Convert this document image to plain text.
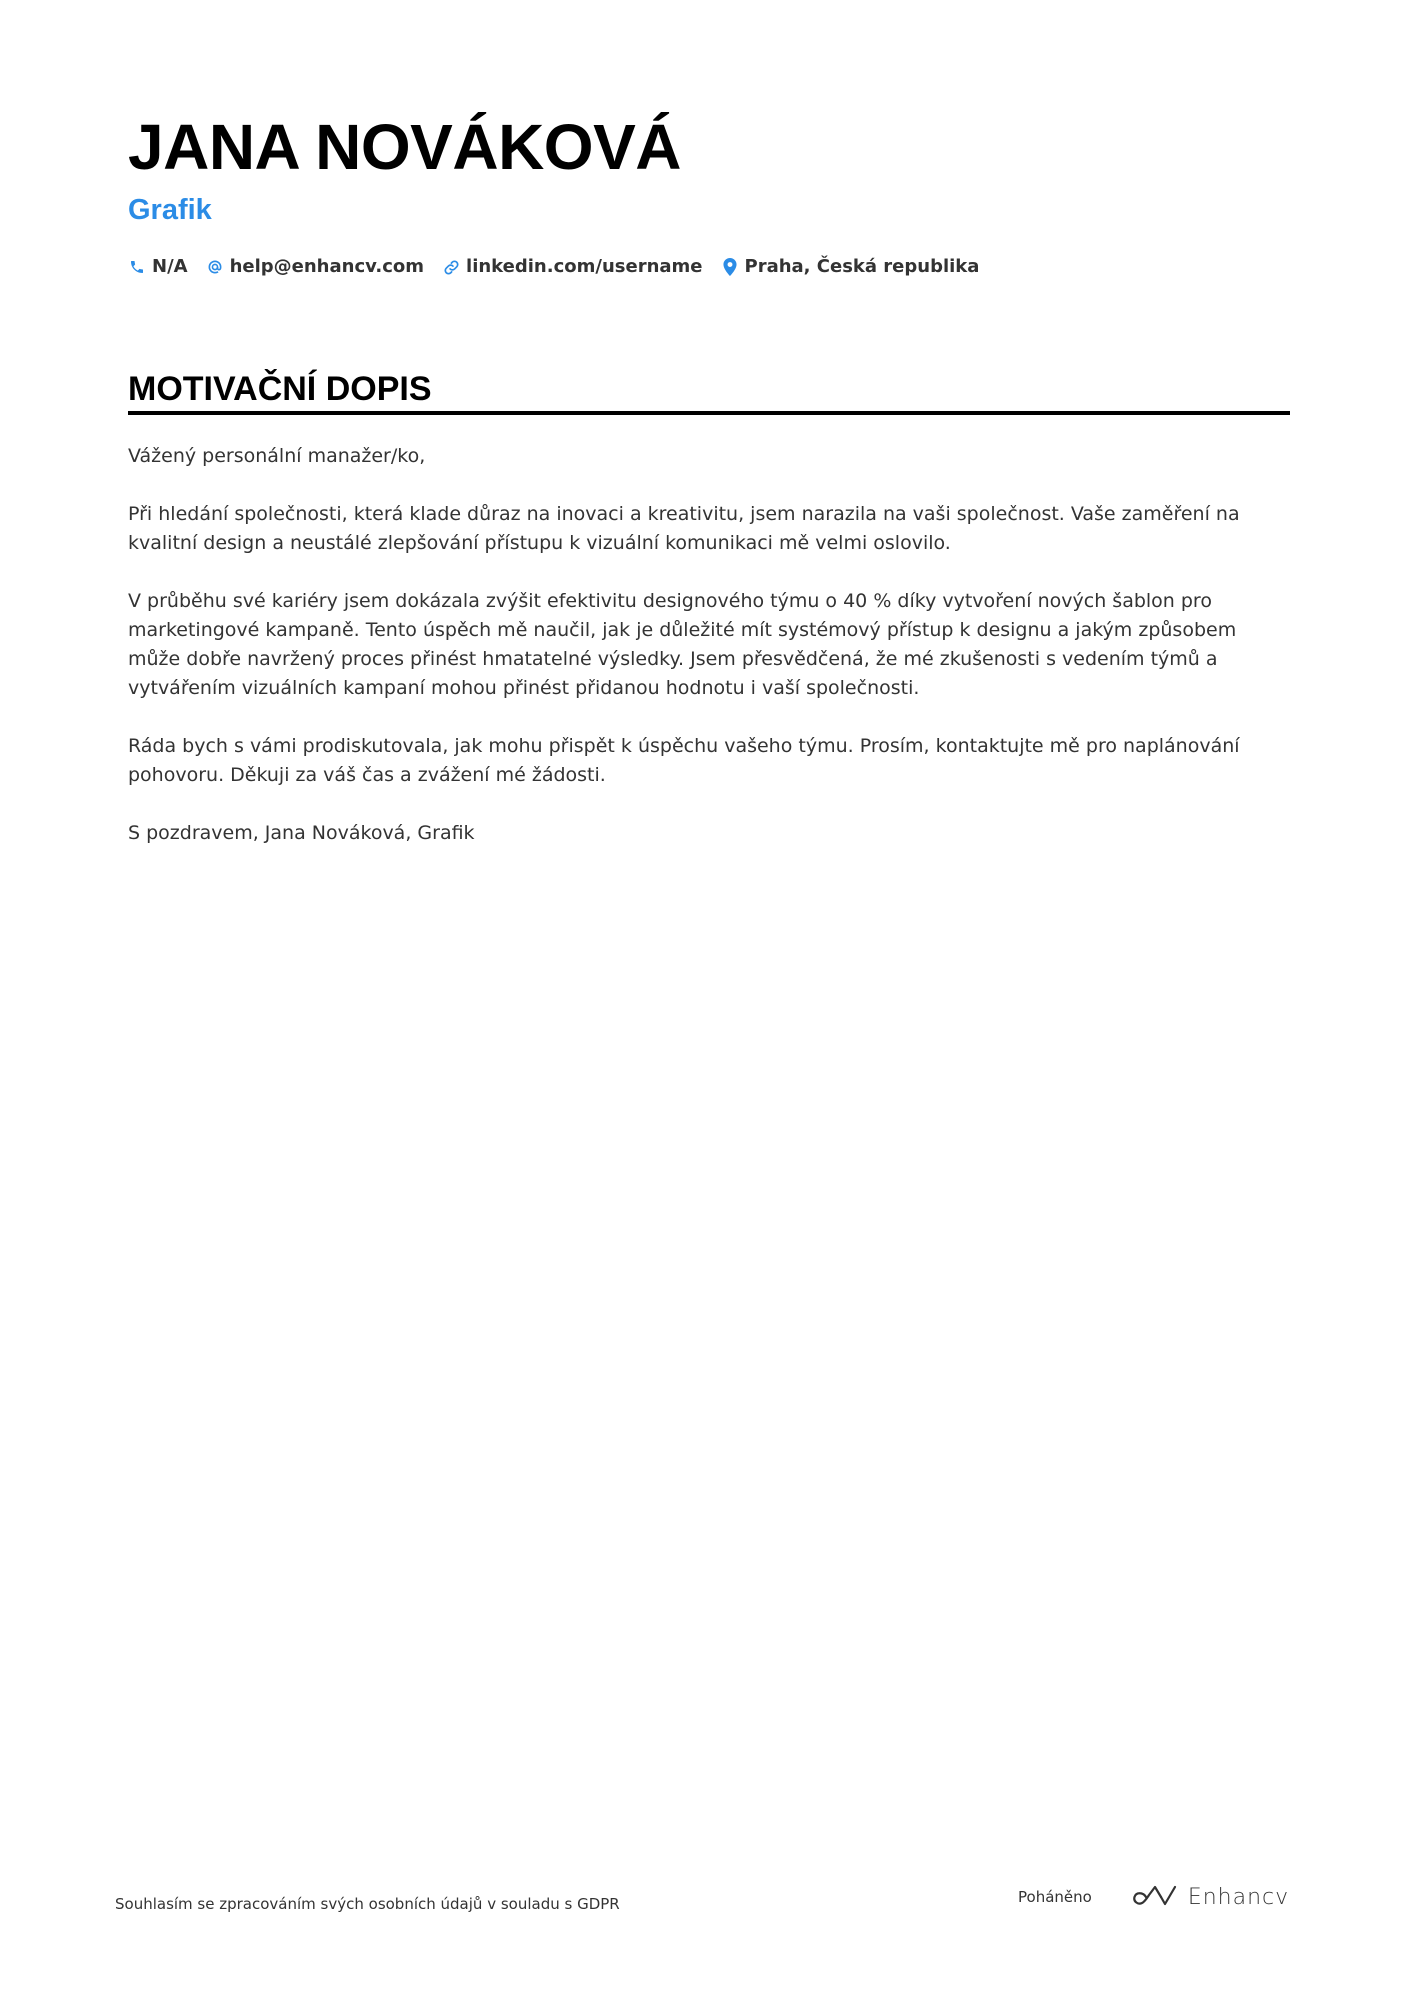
JANA NOVÁKOVÁ
Grafik
N/A help@enhancv.com linkedin.com/username Praha, Česká republika
MOTIVAČNÍ DOPIS

Vážený personální manažer/ko,

Při hledání společnosti, která klade důraz na inovaci a kreativitu, jsem narazila na vaši společnost. Vaše zaměření na kvalitní design a neustálé zlepšování přístupu k vizuální komunikaci mě velmi oslovilo.

V průběhu své kariéry jsem dokázala zvýšit efektivitu designového týmu o 40 % díky vytvoření nových šablon pro marketingové kampaně. Tento úspěch mě naučil, jak je důležité mít systémový přístup k designu a jakým způsobem může dobře navržený proces přinést hmatatelné výsledky. Jsem přesvědčená, že mé zkušenosti s vedením týmů a vytvářením vizuálních kampaní mohou přinést přidanou hodnotu i vaší společnosti.

Ráda bych s vámi prodiskutovala, jak mohu přispět k úspěchu vašeho týmu. Prosím, kontaktujte mě pro naplánování pohovoru. Děkuji za váš čas a zvážení mé žádosti.

S pozdravem, Jana Nováková, Grafik

Souhlasím se zpracováním svých osobních údajů v souladu s GDPR	Poháněno	Enhancv
